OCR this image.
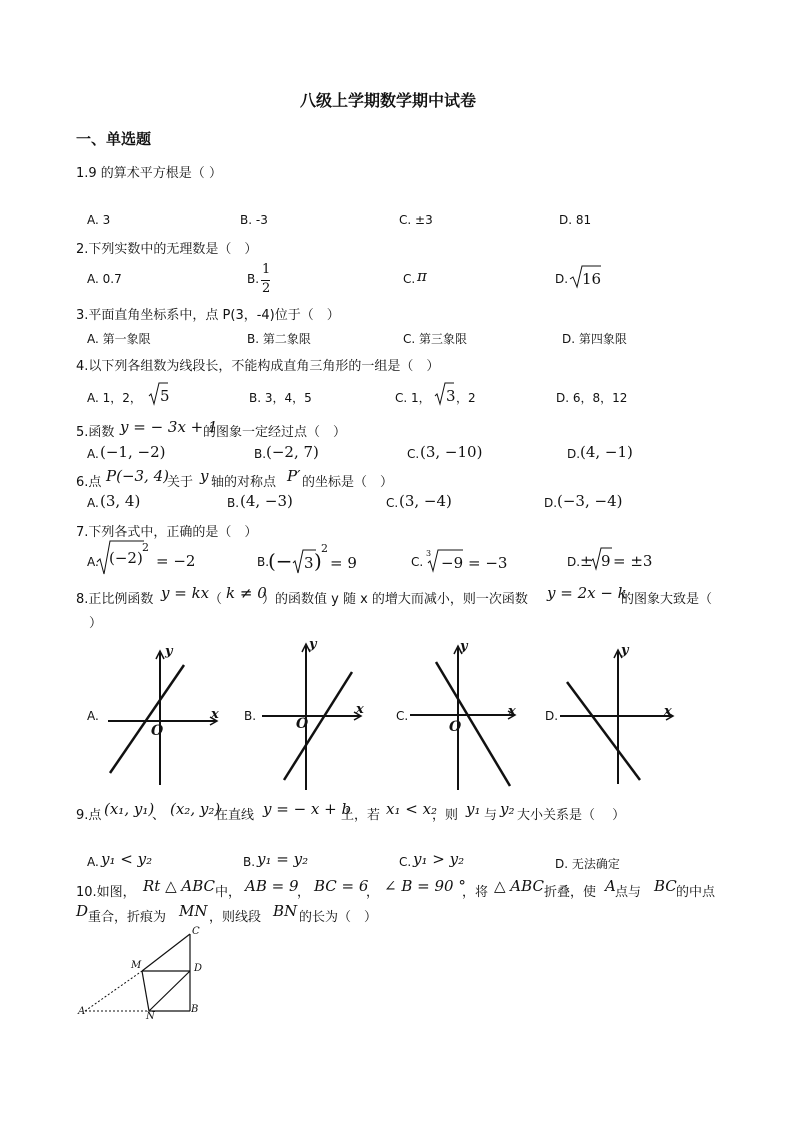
八级上学期数学期中试卷
一、单选题
1.9 的算术平方根是（ ）
A. 3	B. -3	C. ±3	D. 81
2.下列实数中的无理数是（　）
A. 0.7	B.
1
2
C. π	D. 16
3.平面直角坐标系中，点 P(3，-4)位于（　）
A. 第一象限	B. 第二象限	C. 第三象限	D. 第四象限
4.以下列各组数为线段长，不能构成直角三角形的一组是（　）
A. 1，2， 5	B. 3，4，5	C. 1， 3 ，2	D. 6，8，12
5.函数 y = − 3x + 1
的图象一定经过点（　）
A. (−1, −2)	B. (−2, 7)	C. (3, −10)	D. (4, −1)
6.点 P(−3, 4)
关于 y 轴的对称点 P′ 的坐标是（　）
A. (3, 4)	B. (4, −3)	C. (3, −4)	D. (−3, −4)
7.下列各式中，正确的是（　）
A. (−2)
2
= −2	B.
(− 3 )
2
= 9	C.
3
−9 = −3	D. ± 9 = ±3
8.正比例函数 y = kx （ k ≠ 0
）的函数值 y 随 x 的增大而减小，则一次函数 y = 2x − k
的图象大致是（
）
A.	x
y
O
B.	x
y
O	C.	x
y
O
D.	x
y
9.点 (x₁, y₁)
、 (x₂, y₂)
在直线 y = − x + b
上，若 x₁ < x₂
，则 y₁ 与 y₂ 大小关系是（　 ）
A. y₁ < y₂	B. y₁ = y₂	C. y₁ > y₂	D. 无法确定
10.如图， Rt △ ABC 中， AB = 9
， BC = 6
， ∠ B = 90 °
，将 △ ABC 折叠，使 A 点与 BC 的中点
D 重合，折痕为 MN ，则线段 BN 的长为（　）
C
D
B
M
N
A
